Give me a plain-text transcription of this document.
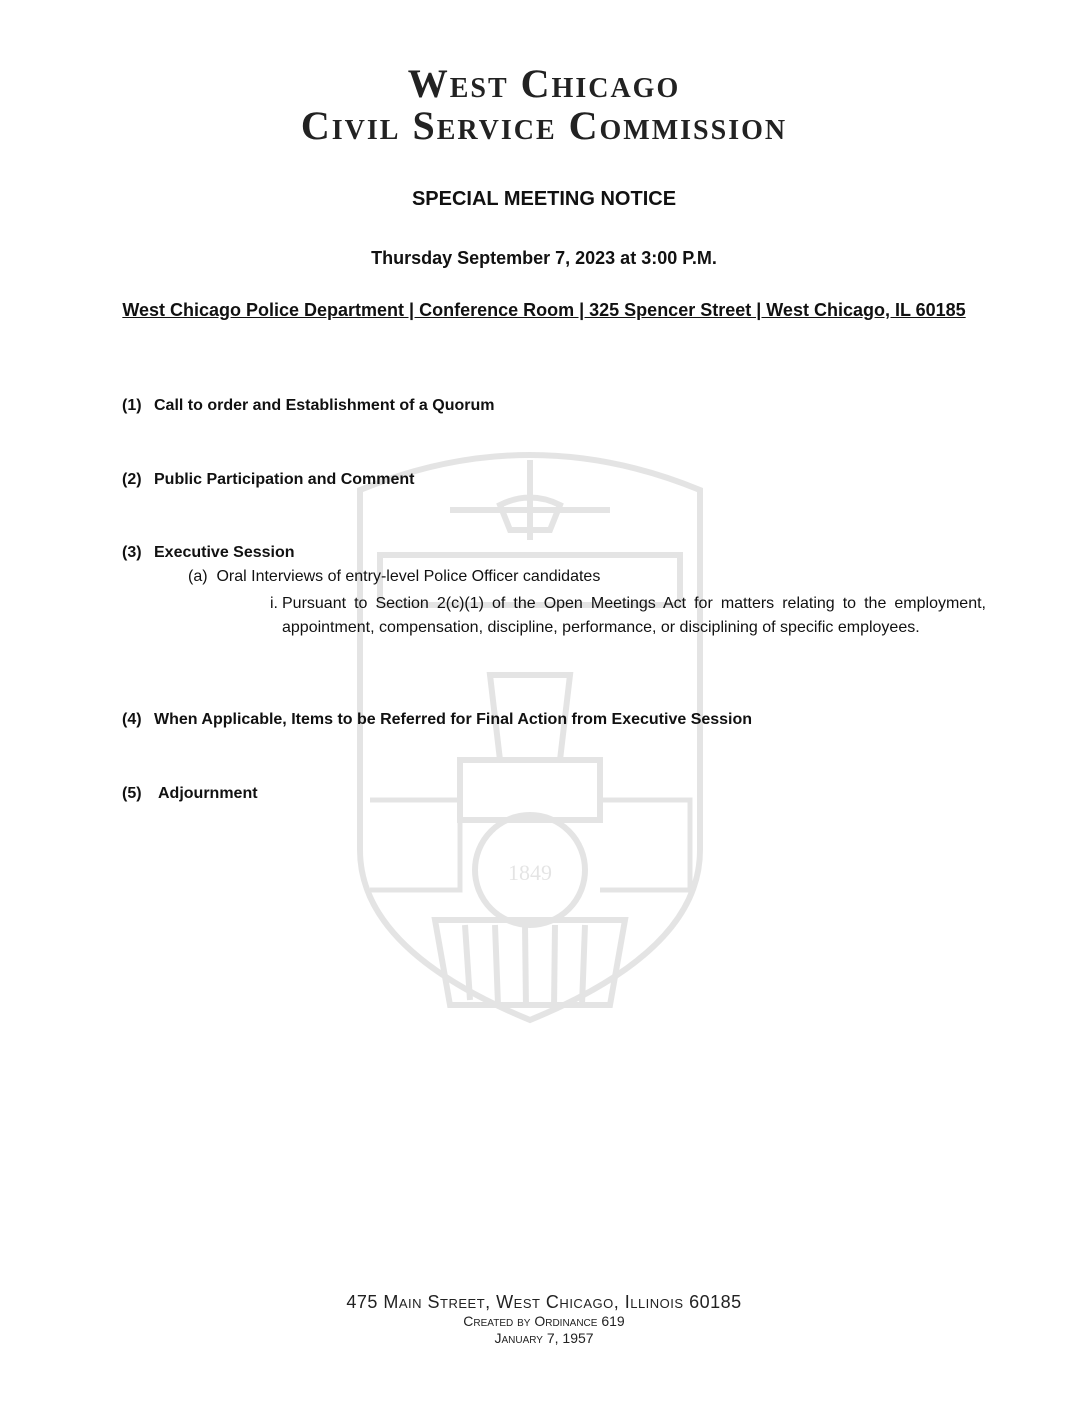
1849
West Chicago
Civil Service Commission
SPECIAL MEETING NOTICE
Thursday September 7, 2023 at 3:00 P.M.
West Chicago Police Department | Conference Room | 325 Spencer Street | West Chicago, IL 60185
(1) Call to order and Establishment of a Quorum
(2) Public Participation and Comment
(3) Executive Session
(a) Oral Interviews of entry-level Police Officer candidates
i. Pursuant to Section 2(c)(1) of the Open Meetings Act for matters relating to the employment, appointment, compensation, discipline, performance, or disciplining of specific employees.
(4) When Applicable, Items to be Referred for Final Action from Executive Session
(5) Adjournment
475 Main Street, West Chicago, Illinois 60185
Created by Ordinance 619
January 7, 1957
